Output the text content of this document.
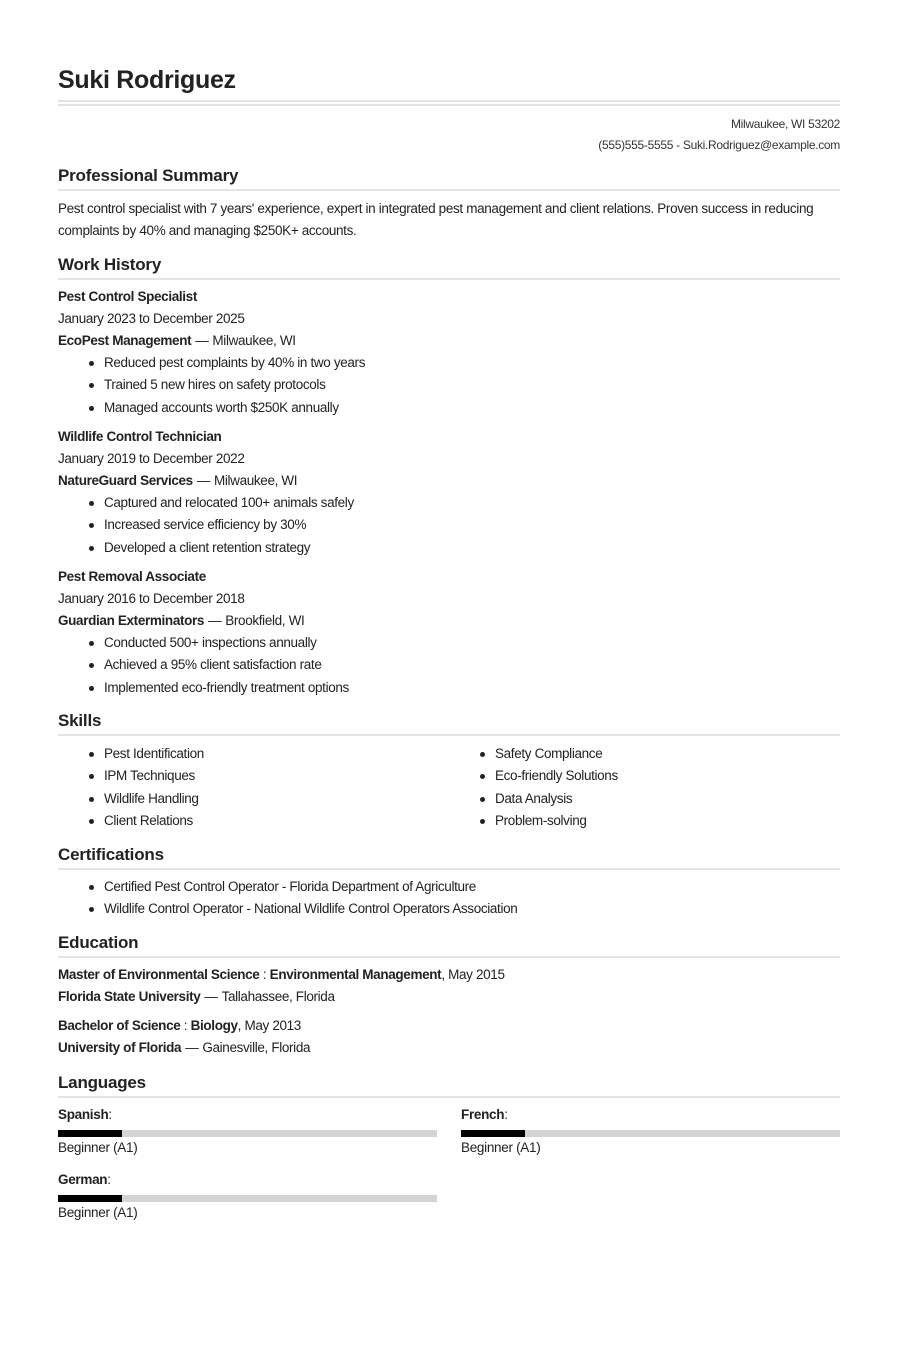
Suki Rodriguez
Milwaukee, WI 53202
(555)555-5555 - Suki.Rodriguez@example.com
Professional Summary
Pest control specialist with 7 years' experience, expert in integrated pest management and client relations. Proven success in reducing complaints by 40% and managing $250K+ accounts.
Work History
Pest Control Specialist
January 2023 to December 2025
EcoPest Management — Milwaukee, WI
Reduced pest complaints by 40% in two years
Trained 5 new hires on safety protocols
Managed accounts worth $250K annually
Wildlife Control Technician
January 2019 to December 2022
NatureGuard Services — Milwaukee, WI
Captured and relocated 100+ animals safely
Increased service efficiency by 30%
Developed a client retention strategy
Pest Removal Associate
January 2016 to December 2018
Guardian Exterminators — Brookfield, WI
Conducted 500+ inspections annually
Achieved a 95% client satisfaction rate
Implemented eco-friendly treatment options
Skills
Pest Identification
IPM Techniques
Wildlife Handling
Client Relations
Safety Compliance
Eco-friendly Solutions
Data Analysis
Problem-solving
Certifications
Certified Pest Control Operator - Florida Department of Agriculture
Wildlife Control Operator - National Wildlife Control Operators Association
Education
Master of Environmental Science : Environmental Management, May 2015
Florida State University — Tallahassee, Florida
Bachelor of Science : Biology, May 2013
University of Florida — Gainesville, Florida
Languages
Spanish:
Beginner (A1)
French:
Beginner (A1)
German:
Beginner (A1)
